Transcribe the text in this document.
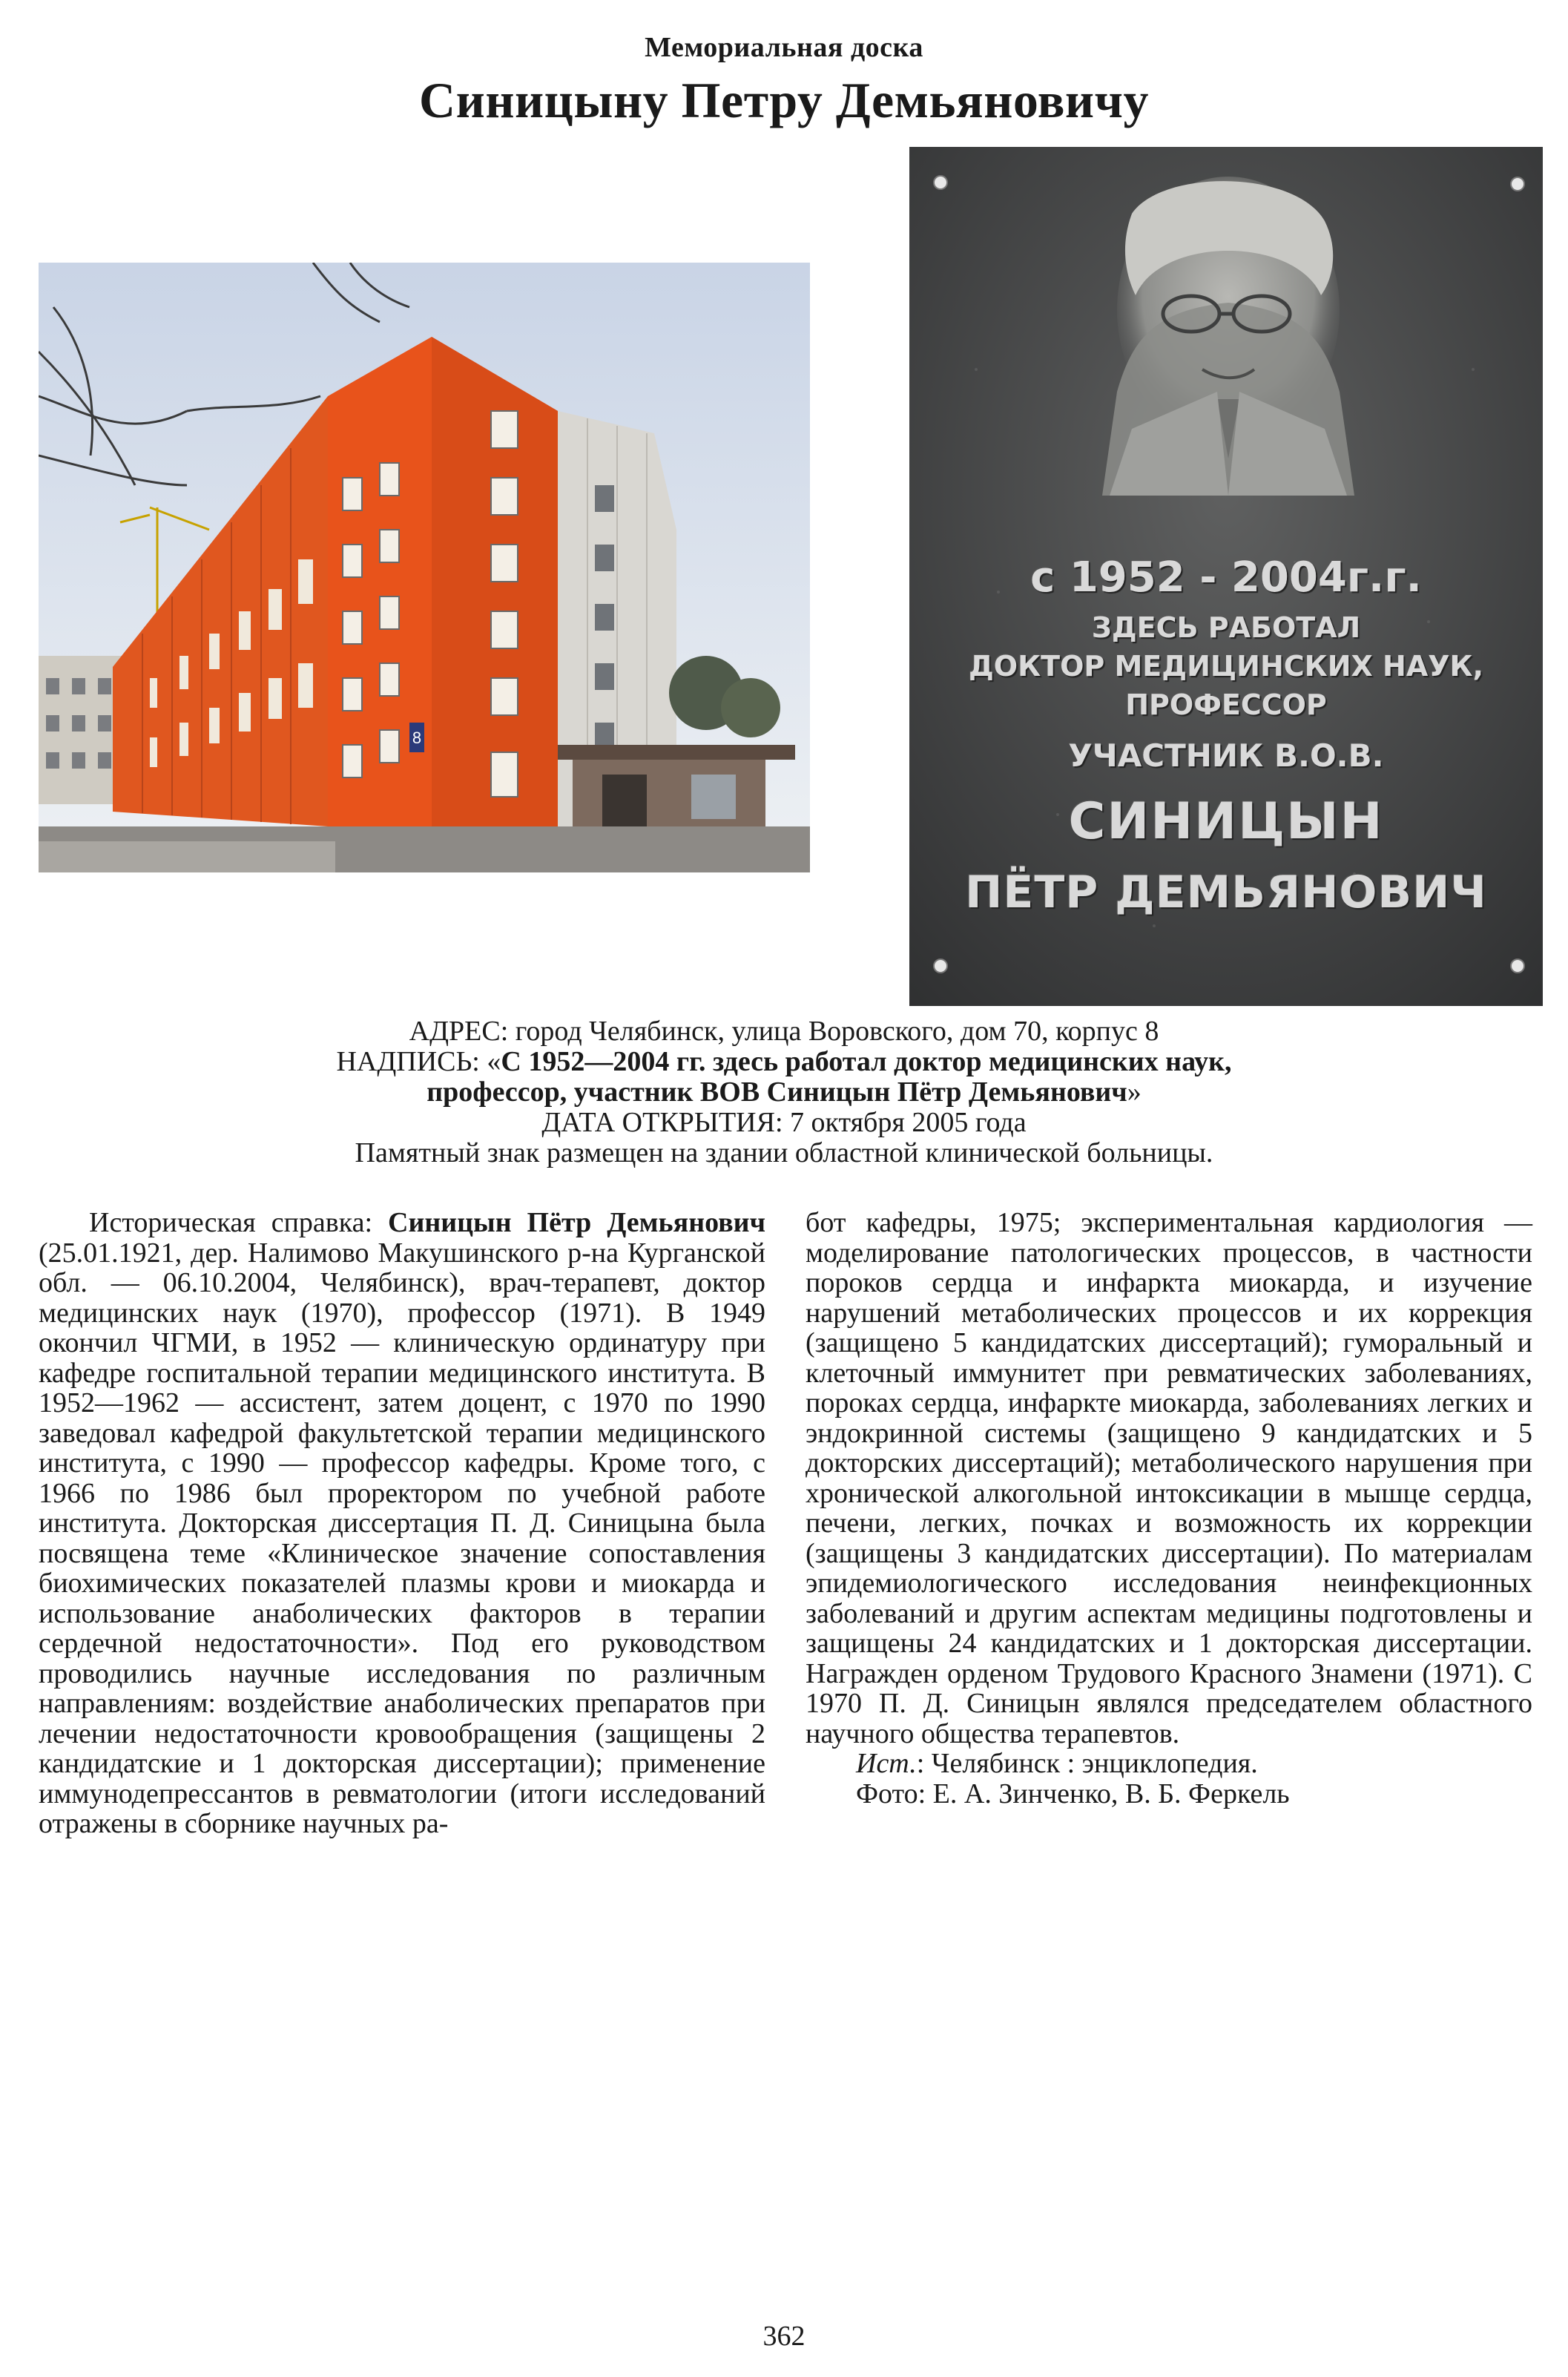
Мемориальная доска
Синицыну Петру Демьяновичу
8
с 1952 - 2004г.г.
ЗДЕСЬ РАБОТАЛ
ДОКТОР МЕДИЦИНСКИХ НАУК,
ПРОФЕССОР
УЧАСТНИК В.О.В.
СИНИЦЫН
ПЁТР ДЕМЬЯНОВИЧ
АДРЕС: город Челябинск, улица Воровского, дом 70, корпус 8
НАДПИСЬ: «С 1952—2004 гг. здесь работал доктор медицинских наук,
профессор, участник ВОВ Синицын Пётр Демьянович»
ДАТА ОТКРЫТИЯ: 7 октября 2005 года
Памятный знак размещен на здании областной клинической больницы.

Историческая справка: Синицын Пётр Демьянович (25.01.1921, дер. Налимово Макушинского р-на Курганской обл. — 06.10.2004, Челябинск), врач-терапевт, доктор медицинских наук (1970), профессор (1971). В 1949 окончил ЧГМИ, в 1952 — клиническую ординатуру при кафедре госпитальной терапии медицинского института. В 1952—1962 — ассистент, затем доцент, с 1970 по 1990 заведовал кафедрой факультетской терапии медицинского института, с 1990 — профессор кафедры. Кроме того, с 1966 по 1986 был проректором по учебной работе института. Докторская диссертация П. Д. Синицына была посвящена теме «Клиническое значение сопоставления биохимических показателей плазмы крови и миокарда и использование анаболических факторов в терапии сердечной недостаточности». Под его руководством проводились научные исследования по различным направлениям: воздействие анаболических препаратов при лечении недостаточности кровообращения (защищены 2 кандидатские и 1 докторская диссертации); применение иммунодепрессантов в ревматологии (итоги исследований отражены в сборнике научных ра-

бот кафедры, 1975; экспериментальная кардиология — моделирование патологических процессов, в частности пороков сердца и инфаркта миокарда, и изучение нарушений метаболических процессов и их коррекция (защищено 5 кандидатских диссертаций); гуморальный и клеточный иммунитет при ревматических заболеваниях, пороках сердца, инфаркте миокарда, заболеваниях легких и эндокринной системы (защищено 9 кандидатских и 5 докторских диссертаций); метаболического нарушения при хронической алкогольной интоксикации в мышце сердца, печени, легких, почках и возможность их коррекции (защищены 3 кандидатских диссертации). По материалам эпидемиологического исследования неинфекционных заболеваний и другим аспектам медицины подготовлены и защищены 24 кандидатских и 1 докторская диссертации. Награжден орденом Трудового Красного Знамени (1971). С 1970 П. Д. Синицын являлся председателем областного научного общества терапевтов.

Ист.: Челябинск : энциклопедия.

Фото: Е. А. Зинченко, В. Б. Феркель

362
